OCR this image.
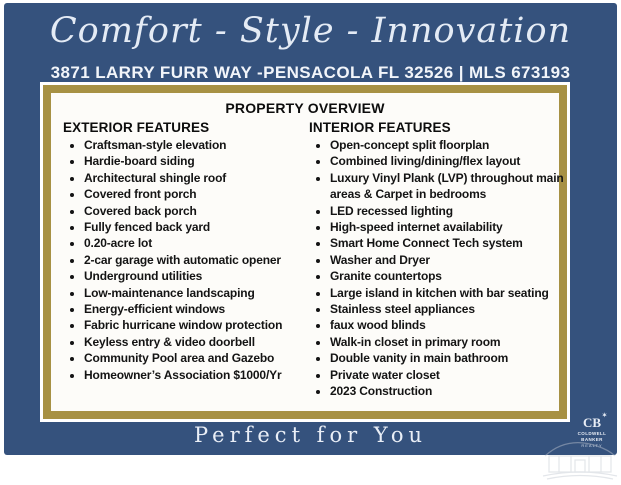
Comfort - Style - Innovation
3871 LARRY FURR WAY -PENSACOLA FL 32526 | MLS 673193
PROPERTY OVERVIEW
EXTERIOR FEATURES
• Craftsman-style elevation
• Hardie-board siding
• Architectural shingle roof
• Covered front porch
• Covered back porch
• Fully fenced back yard
• 0.20-acre lot
• 2-car garage with automatic opener
• Underground utilities
• Low-maintenance landscaping
• Energy-efficient windows
• Fabric hurricane window protection
• Keyless entry & video doorbell
• Community Pool area and Gazebo
• Homeowner’s Association $1000/Yr
INTERIOR FEATURES
• Open-concept split floorplan
• Combined living/dining/flex layout
• Luxury Vinyl Plank (LVP) throughout main areas & Carpet in bedrooms
• LED recessed lighting
• High-speed internet availability
• Smart Home Connect Tech system
• Washer and Dryer
• Granite countertops
• Large island in kitchen with bar seating
• Stainless steel appliances
• faux wood blinds
• Walk-in closet in primary room
• Double vanity in main bathroom
• Private water closet
• 2023 Construction
Perfect for You
CB ✶
COLDWELL
BANKER
REALTY
